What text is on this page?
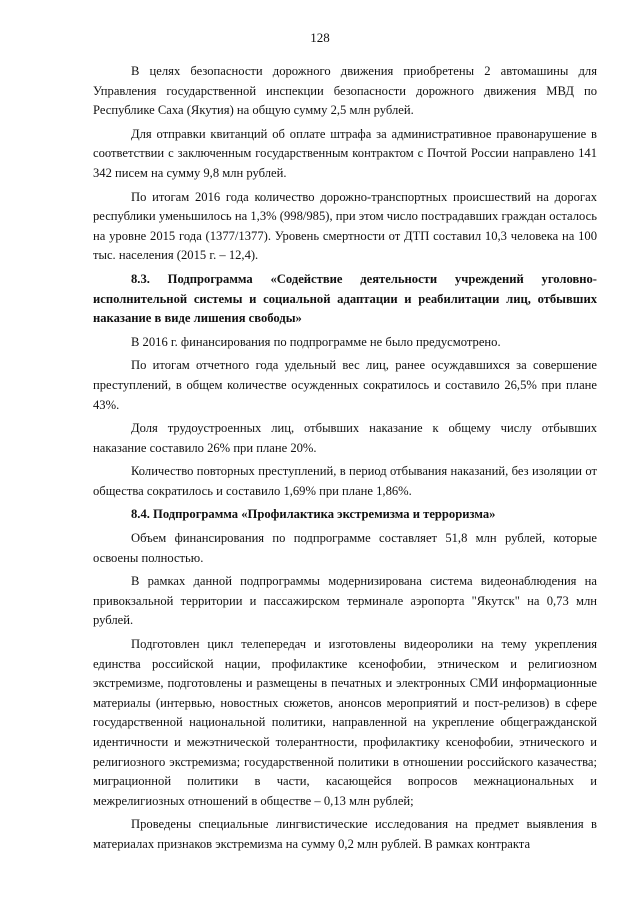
128

В целях безопасности дорожного движения приобретены 2 автомашины для Управления государственной инспекции безопасности дорожного движения МВД по Республике Саха (Якутия) на общую сумму 2,5 млн рублей.

Для отправки квитанций об оплате штрафа за административное правонарушение в соответствии с заключенным государственным контрактом с Почтой России направлено 141 342 писем на сумму 9,8 млн рублей.

По итогам 2016 года количество дорожно-транспортных происшествий на дорогах республики уменьшилось на 1,3% (998/985), при этом число пострадавших граждан осталось на уровне 2015 года (1377/1377). Уровень смертности от ДТП составил 10,3 человека на 100 тыс. населения (2015 г. – 12,4).

8.3. Подпрограмма «Содействие деятельности учреждений уголовно-исполнительной системы и социальной адаптации и реабилитации лиц, отбывших наказание в виде лишения свободы»

В 2016 г. финансирования по подпрограмме не было предусмотрено.

По итогам отчетного года удельный вес лиц, ранее осуждавшихся за совершение преступлений, в общем количестве осужденных сократилось и составило 26,5% при плане 43%.

Доля трудоустроенных лиц, отбывших наказание к общему числу отбывших наказание составило 26% при плане 20%.

Количество повторных преступлений, в период отбывания наказаний, без изоляции от общества сократилось и составило 1,69% при плане 1,86%.

8.4. Подпрограмма «Профилактика экстремизма и терроризма»

Объем финансирования по подпрограмме составляет 51,8 млн рублей, которые освоены полностью.

В рамках данной подпрограммы модернизирована система видеонаблюдения на привокзальной территории и пассажирском терминале аэропорта "Якутск" на 0,73 млн рублей.

Подготовлен цикл телепередач и изготовлены видеоролики на тему укрепления единства российской нации, профилактике ксенофобии, этническом и религиозном экстремизме, подготовлены и размещены в печатных и электронных СМИ информационные материалы (интервью, новостных сюжетов, анонсов мероприятий и пост-релизов) в сфере государственной национальной политики, направленной на укрепление общегражданской идентичности и межэтнической толерантности, профилактику ксенофобии, этнического и религиозного экстремизма; государственной политики в отношении российского казачества; миграционной политики в части, касающейся вопросов межнациональных и межрелигиозных отношений в обществе – 0,13 млн рублей;

Проведены специальные лингвистические исследования на предмет выявления в материалах признаков экстремизма на сумму 0,2 млн рублей. В рамках контракта
